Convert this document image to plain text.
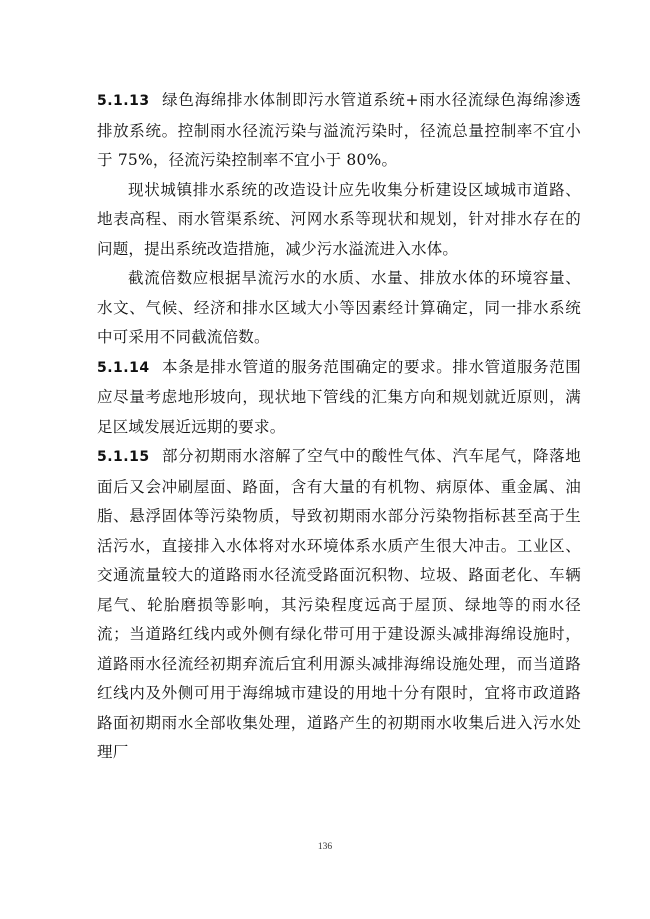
5.1.13 绿色海绵排水体制即污水管道系统+雨水径流绿色海绵渗透排放系统。控制雨水径流污染与溢流污染时，径流总量控制率不宜小于 75%，径流污染控制率不宜小于 80%。

现状城镇排水系统的改造设计应先收集分析建设区域城市道路、地表高程、雨水管渠系统、河网水系等现状和规划，针对排水存在的问题，提出系统改造措施，减少污水溢流进入水体。

截流倍数应根据旱流污水的水质、水量、排放水体的环境容量、水文、气候、经济和排水区域大小等因素经计算确定，同一排水系统中可采用不同截流倍数。

5.1.14 本条是排水管道的服务范围确定的要求。排水管道服务范围应尽量考虑地形坡向，现状地下管线的汇集方向和规划就近原则，满足区域发展近远期的要求。

5.1.15 部分初期雨水溶解了空气中的酸性气体、汽车尾气，降落地面后又会冲刷屋面、路面，含有大量的有机物、病原体、重金属、油脂、悬浮固体等污染物质，导致初期雨水部分污染物指标甚至高于生活污水，直接排入水体将对水环境体系水质产生很大冲击。工业区、交通流量较大的道路雨水径流受路面沉积物、垃圾、路面老化、车辆尾气、轮胎磨损等影响，其污染程度远高于屋顶、绿地等的雨水径流；当道路红线内或外侧有绿化带可用于建设源头减排海绵设施时，道路雨水径流经初期弃流后宜利用源头减排海绵设施处理，而当道路红线内及外侧可用于海绵城市建设的用地十分有限时，宜将市政道路路面初期雨水全部收集处理，道路产生的初期雨水收集后进入污水处理厂

136
